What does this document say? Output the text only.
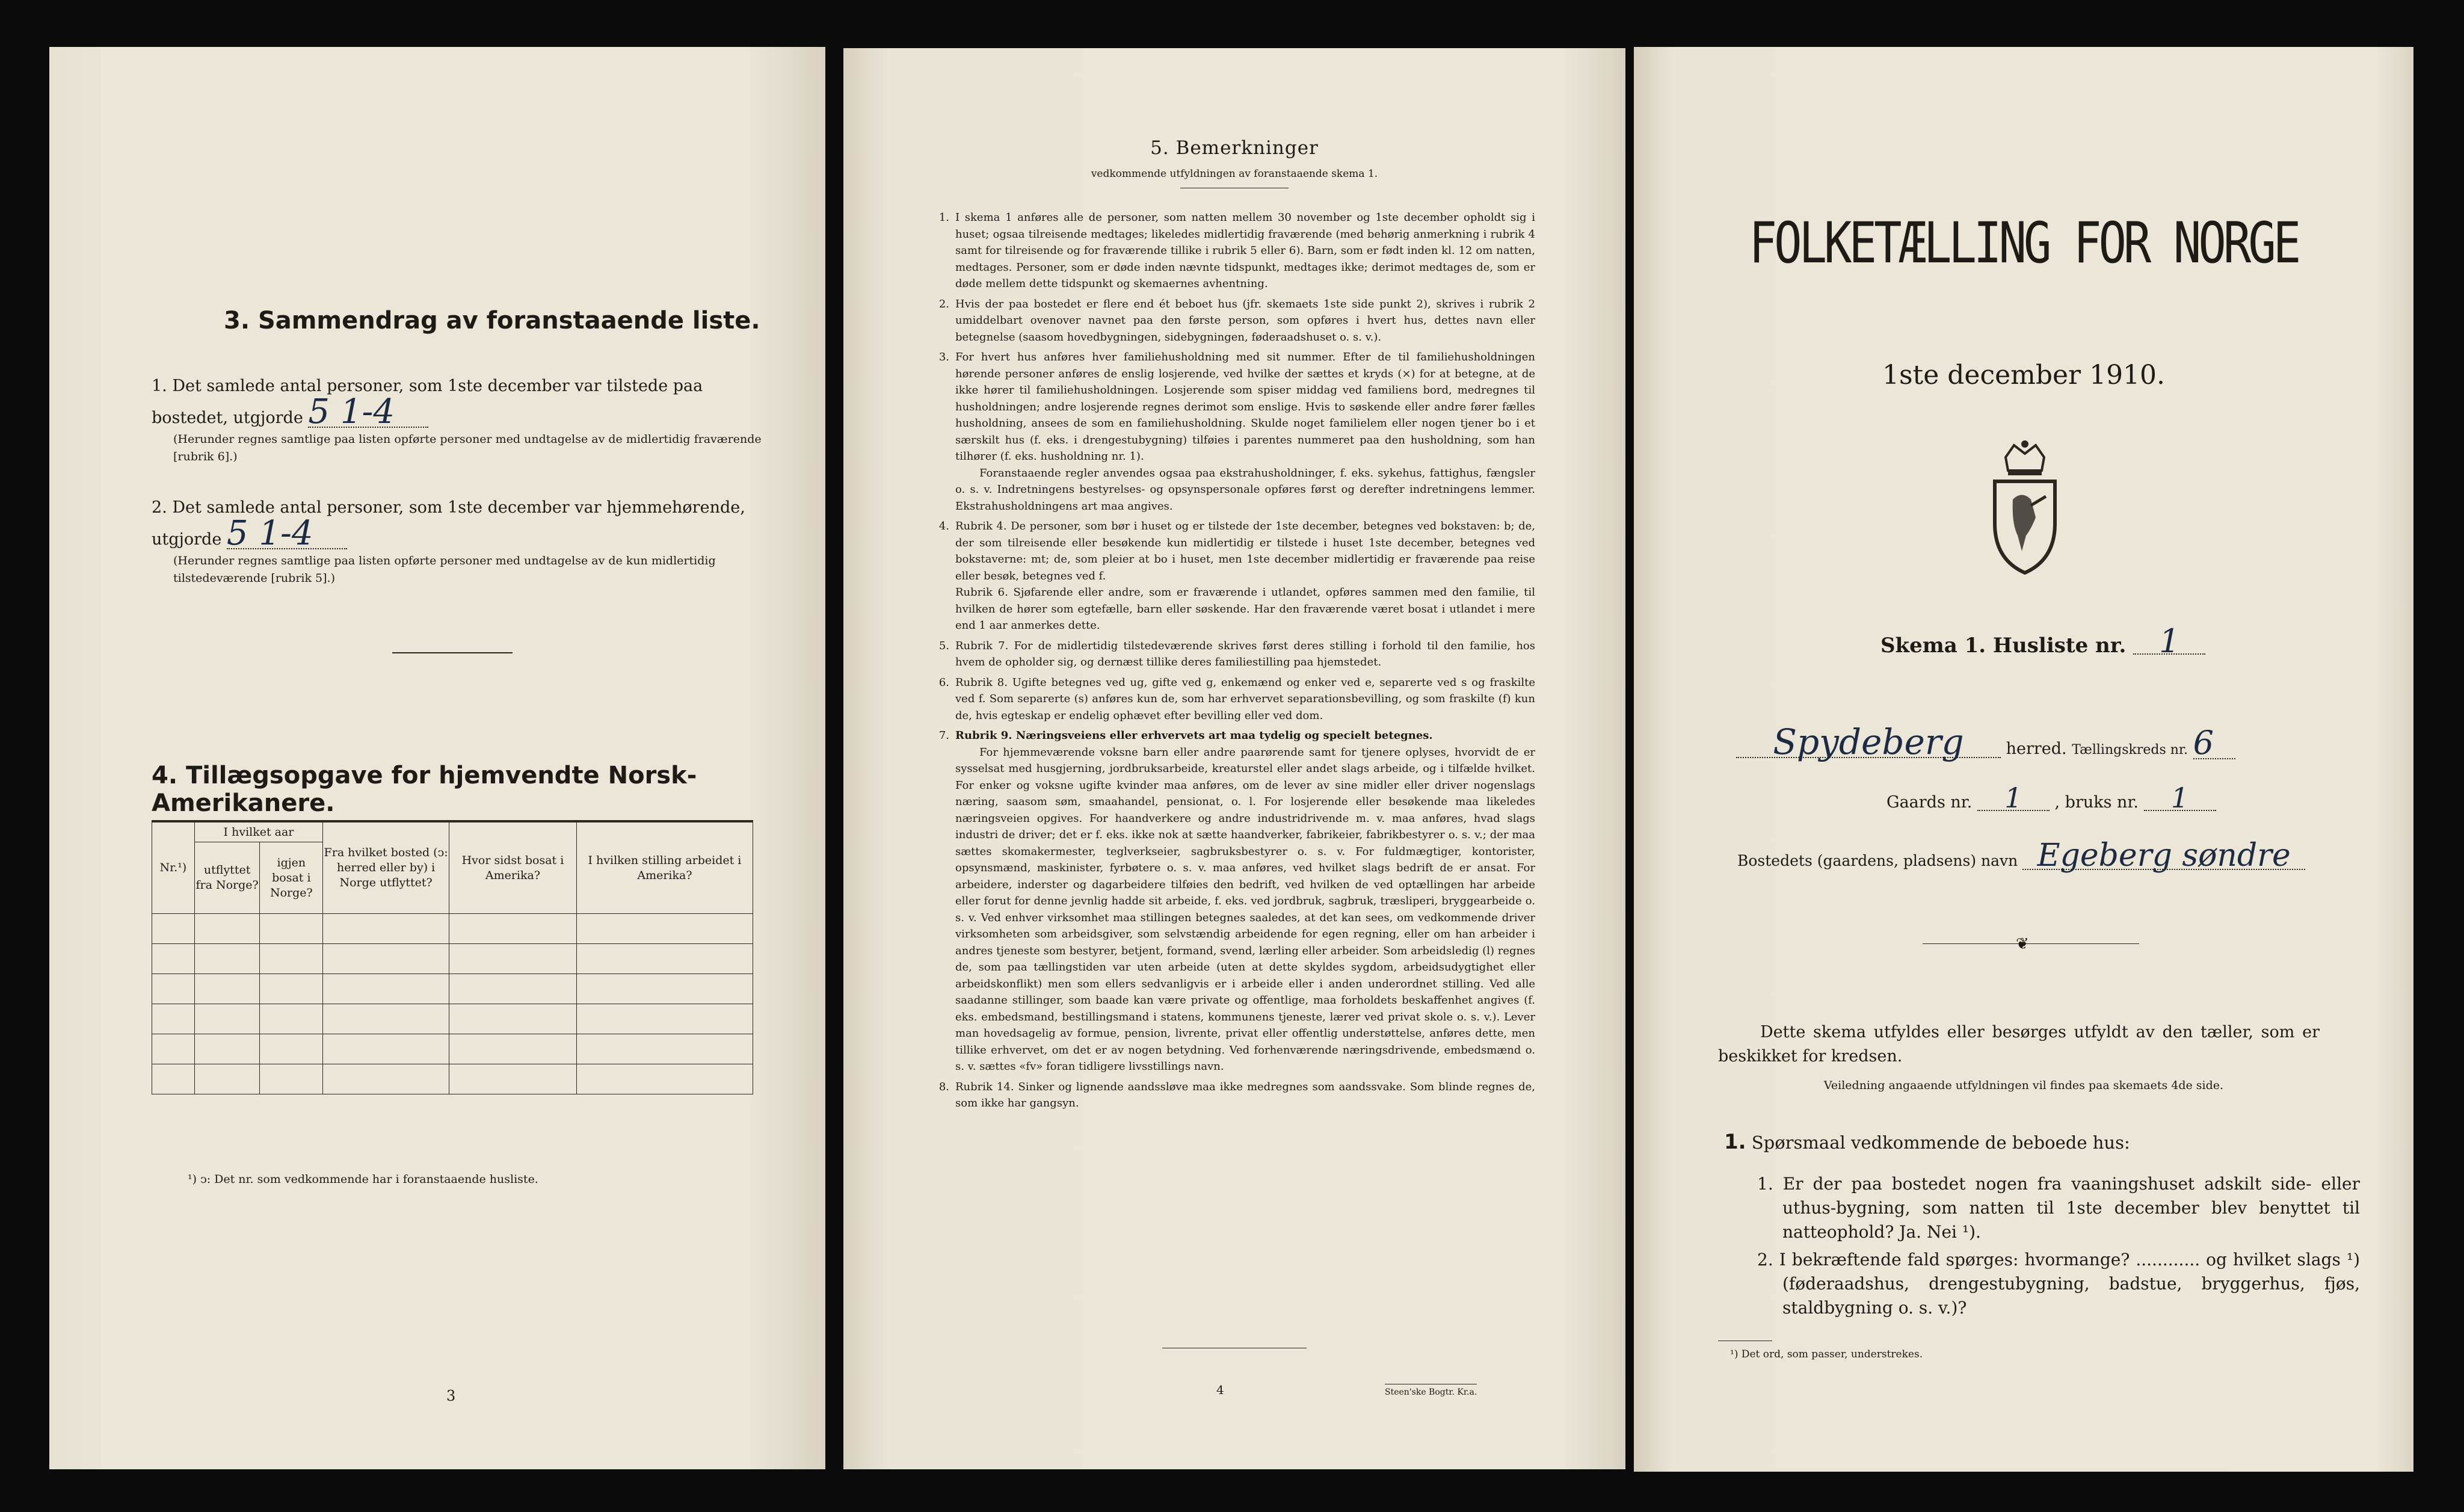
3. Sammendrag av foranstaaende liste.
1. Det samlede antal personer, som 1ste december var tilstede paa bostedet, utgjorde 5 1-4
(Herunder regnes samtlige paa listen opførte personer med undtagelse av de midlertidig fraværende [rubrik 6].)
2. Det samlede antal personer, som 1ste december var hjemmehørende, utgjorde 5 1-4
(Herunder regnes samtlige paa listen opførte personer med undtagelse av de kun midlertidig tilstedeværende [rubrik 5].)
4. Tillægsopgave for hjemvendte Norsk-Amerikanere.
Nr.¹)	I hvilket aar		Fra hvilket bosted (ↄ: herred eller by) i Norge utflyttet?	Hvor sidst bosat i Amerika?	I hvilken stilling arbeidet i Amerika?
	utflyttet fra Norge?	igjen bosat i Norge?			

¹) ↄ: Det nr. som vedkommende har i foranstaaende husliste.
3
5. Bemerkninger
vedkommende utfyldningen av foranstaaende skema 1.
1. I skema 1 anføres alle de personer, som natten mellem 30 november og 1ste december opholdt sig i huset; ogsaa tilreisende medtages; likeledes midlertidig fraværende (med behørig anmerkning i rubrik 4 samt for tilreisende og for fraværende tillike i rubrik 5 eller 6). Barn, som er født inden kl. 12 om natten, medtages. Personer, som er døde inden nævnte tidspunkt, medtages ikke; derimot medtages de, som er døde mellem dette tidspunkt og skemaernes avhentning.
2. Hvis der paa bostedet er flere end ét beboet hus (jfr. skemaets 1ste side punkt 2), skrives i rubrik 2 umiddelbart ovenover navnet paa den første person, som opføres i hvert hus, dettes navn eller betegnelse (saasom hovedbygningen, sidebygningen, føderaadshuset o. s. v.).
3. For hvert hus anføres hver familiehusholdning med sit nummer. Efter de til familiehusholdningen hørende personer anføres de enslig losjerende, ved hvilke der sættes et kryds (×) for at betegne, at de ikke hører til familiehusholdningen. Losjerende som spiser middag ved familiens bord, medregnes til husholdningen; andre losjerende regnes derimot som enslige. Hvis to søskende eller andre fører fælles husholdning, ansees de som en familiehusholdning. Skulde noget familielem eller nogen tjener bo i et særskilt hus (f. eks. i drengestubygning) tilføies i parentes nummeret paa den husholdning, som han tilhører (f. eks. husholdning nr. 1).

Foranstaaende regler anvendes ogsaa paa ekstrahusholdninger, f. eks. sykehus, fattighus, fængsler o. s. v. Indretningens bestyrelses- og opsynspersonale opføres først og derefter indretningens lemmer. Ekstrahusholdningens art maa angives.
4. Rubrik 4. De personer, som bør i huset og er tilstede der 1ste december, betegnes ved bokstaven: b; de, der som tilreisende eller besøkende kun midlertidig er tilstede i huset 1ste december, betegnes ved bokstaverne: mt; de, som pleier at bo i huset, men 1ste december midlertidig er fraværende paa reise eller besøk, betegnes ved f.

Rubrik 6. Sjøfarende eller andre, som er fraværende i utlandet, opføres sammen med den familie, til hvilken de hører som egtefælle, barn eller søskende. Har den fraværende været bosat i utlandet i mere end 1 aar anmerkes dette.
5. Rubrik 7. For de midlertidig tilstedeværende skrives først deres stilling i forhold til den familie, hos hvem de opholder sig, og dernæst tillike deres familiestilling paa hjemstedet.
6. Rubrik 8. Ugifte betegnes ved ug, gifte ved g, enkemænd og enker ved e, separerte ved s og fraskilte ved f. Som separerte (s) anføres kun de, som har erhvervet separationsbevilling, og som fraskilte (f) kun de, hvis egteskap er endelig ophævet efter bevilling eller ved dom.
7. Rubrik 9. Næringsveiens eller erhvervets art maa tydelig og specielt betegnes.

For hjemmeværende voksne barn eller andre paarørende samt for tjenere oplyses, hvorvidt de er sysselsat med husgjerning, jordbruksarbeide, kreaturstel eller andet slags arbeide, og i tilfælde hvilket. For enker og voksne ugifte kvinder maa anføres, om de lever av sine midler eller driver nogenslags næring, saasom søm, smaahandel, pensionat, o. l. For losjerende eller besøkende maa likeledes næringsveien opgives. For haandverkere og andre industridrivende m. v. maa anføres, hvad slags industri de driver; det er f. eks. ikke nok at sætte haandverker, fabrikeier, fabrikbestyrer o. s. v.; der maa sættes skomakermester, teglverkseier, sagbruksbestyrer o. s. v. For fuldmægtiger, kontorister, opsynsmænd, maskinister, fyrbøtere o. s. v. maa anføres, ved hvilket slags bedrift de er ansat. For arbeidere, inderster og dagarbeidere tilføies den bedrift, ved hvilken de ved optællingen har arbeide eller forut for denne jevnlig hadde sit arbeide, f. eks. ved jordbruk, sagbruk, træsliperi, bryggearbeide o. s. v. Ved enhver virksomhet maa stillingen betegnes saaledes, at det kan sees, om vedkommende driver virksomheten som arbeidsgiver, som selvstændig arbeidende for egen regning, eller om han arbeider i andres tjeneste som bestyrer, betjent, formand, svend, lærling eller arbeider. Som arbeidsledig (l) regnes de, som paa tællingstiden var uten arbeide (uten at dette skyldes sygdom, arbeidsudygtighet eller arbeidskonflikt) men som ellers sedvanligvis er i arbeide eller i anden underordnet stilling. Ved alle saadanne stillinger, som baade kan være private og offentlige, maa forholdets beskaffenhet angives (f. eks. embedsmand, bestillingsmand i statens, kommunens tjeneste, lærer ved privat skole o. s. v.). Lever man hovedsagelig av formue, pension, livrente, privat eller offentlig understøttelse, anføres dette, men tillike erhvervet, om det er av nogen betydning. Ved forhenværende næringsdrivende, embedsmænd o. s. v. sættes «fv» foran tidligere livsstillings navn.
8. Rubrik 14. Sinker og lignende aandssløve maa ikke medregnes som aandssvake. Som blinde regnes de, som ikke har gangsyn.
4	Steen'ske Bogtr. Kr.a.
FOLKETÆLLING FOR NORGE
1ste december 1910.
Skema 1. Husliste nr. 1
Spydeberg	herred. Tællingskreds nr. 6
Gaards nr. 1 , bruks nr. 1
Bostedets (gaardens, pladsens) navn Egeberg søndre
❦
Dette skema utfyldes eller besørges utfyldt av den tæller, som er beskikket for kredsen.
Veiledning angaaende utfyldningen vil findes paa skemaets 4de side.
1. Spørsmaal vedkommende de beboede hus:
1. Er der paa bostedet nogen fra vaaningshuset adskilt side- eller uthus-bygning, som natten til 1ste december blev benyttet til natteophold? Ja. Nei ¹).
2. I bekræftende fald spørges: hvormange? ............ og hvilket slags ¹) (føderaadshus, drengestubygning, badstue, bryggerhus, fjøs, staldbygning o. s. v.)?
¹) Det ord, som passer, understrekes.
